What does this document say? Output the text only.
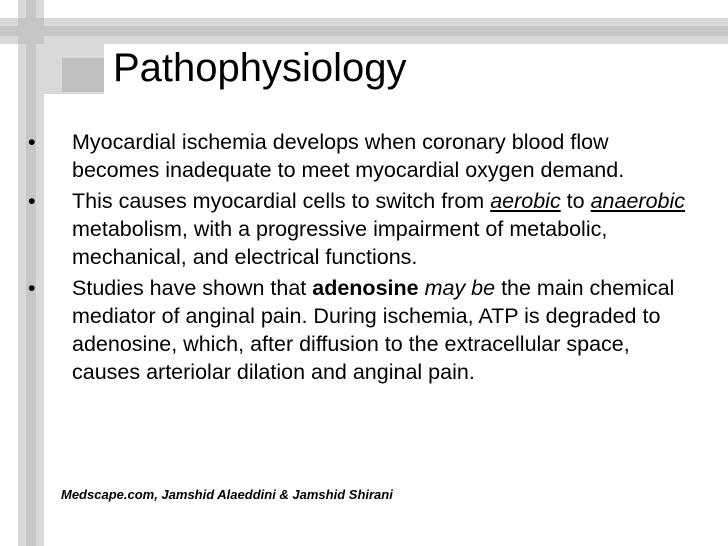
Pathophysiology
• Myocardial ischemia develops when coronary blood flow becomes inadequate to meet myocardial oxygen demand.
• This causes myocardial cells to switch from aerobic to anaerobic metabolism, with a progressive impairment of metabolic, mechanical, and electrical functions.
• Studies have shown that adenosine may be the main chemical mediator of anginal pain. During ischemia, ATP is degraded to adenosine, which, after diffusion to the extracellular space, causes arteriolar dilation and anginal pain.
Medscape.com, Jamshid Alaeddini & Jamshid Shirani
